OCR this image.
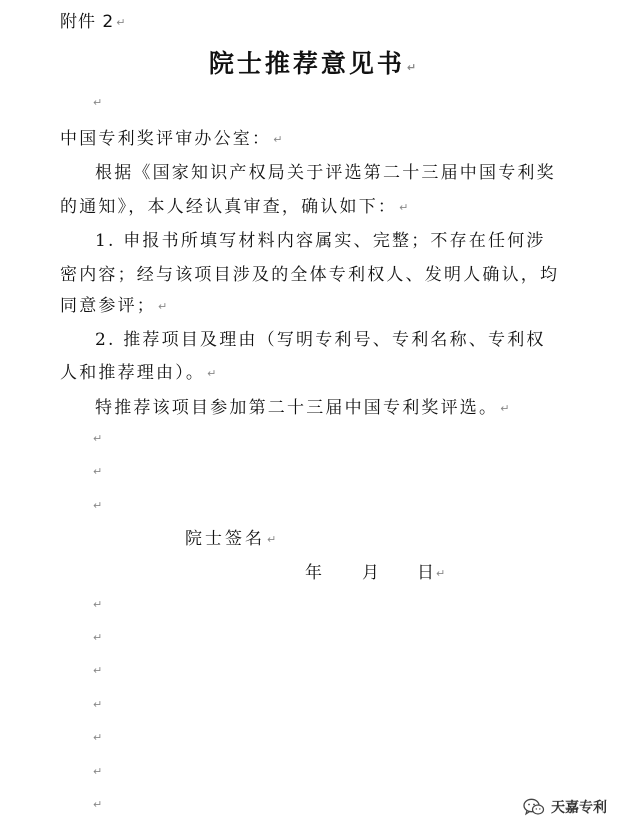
附件 2 ↵
院士推荐意见书 ↵
↵
中国专利奖评审办公室： ↵
根据《国家知识产权局关于评选第二十三届中国专利奖
的通知》，本人经认真审查，确认如下： ↵
1. 申报书所填写材料内容属实、完整；不存在任何涉
密内容；经与该项目涉及的全体专利权人、发明人确认，均
同意参评； ↵
2. 推荐项目及理由（写明专利号、专利名称、专利权
人和推荐理由）。 ↵
特推荐该项目参加第二十三届中国专利奖评选。 ↵
↵
↵
↵
院士签名 ↵
年 月 日 ↵
↵
↵
↵
↵
↵
↵
↵	天嘉专利
